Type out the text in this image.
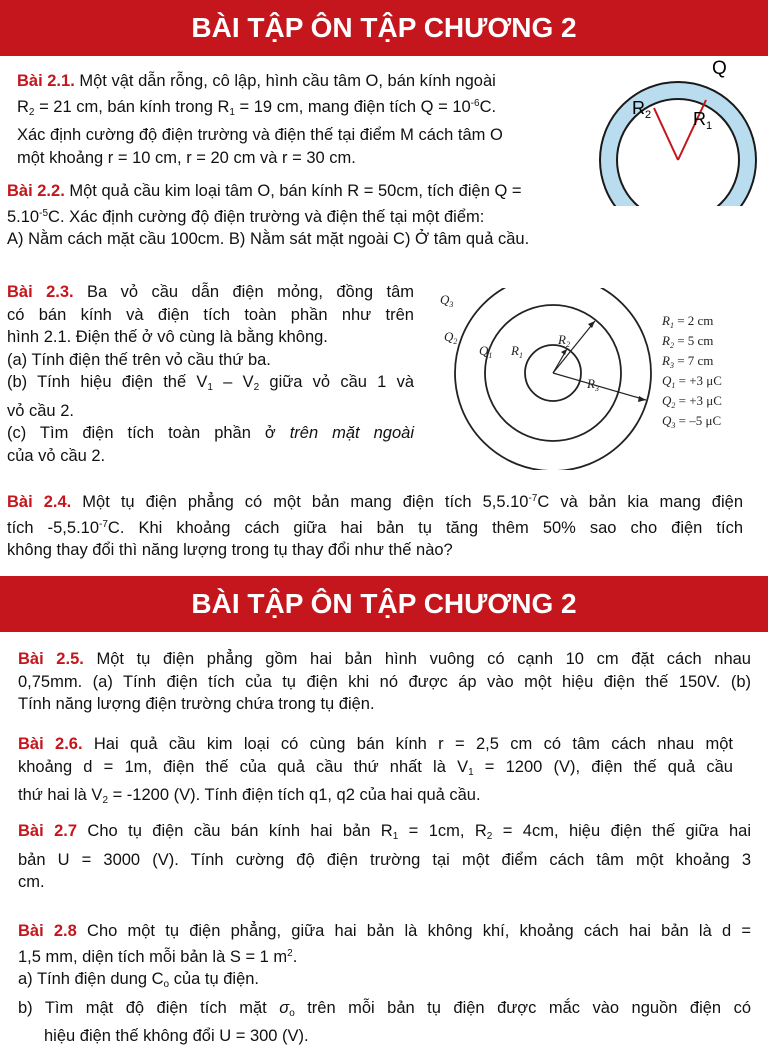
BÀI TẬP ÔN TẬP CHƯƠNG 2
Bài 2.1. Một vật dẫn rỗng, cô lập, hình cầu tâm O, bán kính ngoài
$R_2 = 21$ cm, bán kính trong $R_1 = 19$ cm, mang điện tích $Q = 10^{-6}C$.
Xác định cường độ điện trường và điện thế tại điểm M cách tâm O
một khoảng r = 10 cm, r = 20 cm và r = 30 cm.
Q
$R_2$ $R_1$
Bài 2.2. Một quả cầu kim loại tâm O, bán kính R = 50cm, tích điện Q =
$5.10^{-5}C$. Xác định cường độ điện trường và điện thế tại một điểm:
A) Nằm cách mặt cầu 100cm. B) Nằm sát mặt ngoài C) Ở tâm quả cầu.
Bài 2.3. Ba vỏ cầu dẫn điện mỏng, đồng tâm
có bán kính và điện tích toàn phần như trên
hình 2.1. Điện thế ở vô cùng là bằng không.
(a) Tính điện thế trên vỏ cầu thứ ba.
(b) Tính hiệu điện thế $V_1 - V_2$ giữa vỏ cầu 1 và
vỏ cầu 2.
(c) Tìm điện tích toàn phần ở trên mặt ngoài
của vỏ cầu 2.
$Q_3$
$Q_2$
$Q_1$ $R_1$
$R_2$
$R_3$
$R_1 = 2$ cm
$R_2 = 5$ cm
$R_3 = 7$ cm
$Q_1 = +3$ μC
$Q_2 = +3$ μC
$Q_3 = -5$ μC
Bài 2.4. Một tụ điện phẳng có một bản mang điện tích $5,5.10^{-7}C$ và bản kia mang điện
tích $-5,5.10^{-7}C$. Khi khoảng cách giữa hai bản tụ tăng thêm 50% sao cho điện tích
không thay đổi thì năng lượng trong tụ thay đổi như thế nào?
BÀI TẬP ÔN TẬP CHƯƠNG 2
Bài 2.5. Một tụ điện phẳng gồm hai bản hình vuông có cạnh 10 cm đặt cách nhau
0,75mm. (a) Tính điện tích của tụ điện khi nó được áp vào một hiệu điện thế 150V. (b)
Tính năng lượng điện trường chứa trong tụ điện.
Bài 2.6. Hai quả cầu kim loại có cùng bán kính r = 2,5 cm có tâm cách nhau một
khoảng d = 1m, điện thế của quả cầu thứ nhất là $V_1 = 1200$ (V), điện thế quả cầu
thứ hai là $V_2 = -1200$ (V). Tính điện tích q1, q2 của hai quả cầu.
Bài 2.7 Cho tụ điện cầu bán kính hai bản $R_1 = 1cm$, $R_2 = 4cm$, hiệu điện thế giữa hai
bản U = 3000 (V). Tính cường độ điện trường tại một điểm cách tâm một khoảng 3
cm.
Bài 2.8 Cho một tụ điện phẳng, giữa hai bản là không khí, khoảng cách hai bản là d =
1,5 mm, diện tích mỗi bản là S = 1 $m^2$.
a) Tính điện dung $C_o$ của tụ điện.
b) Tìm mật độ điện tích mặt $\sigma_o$ trên mỗi bản tụ điện được mắc vào nguồn điện có
hiệu điện thế không đổi U = 300 (V).
